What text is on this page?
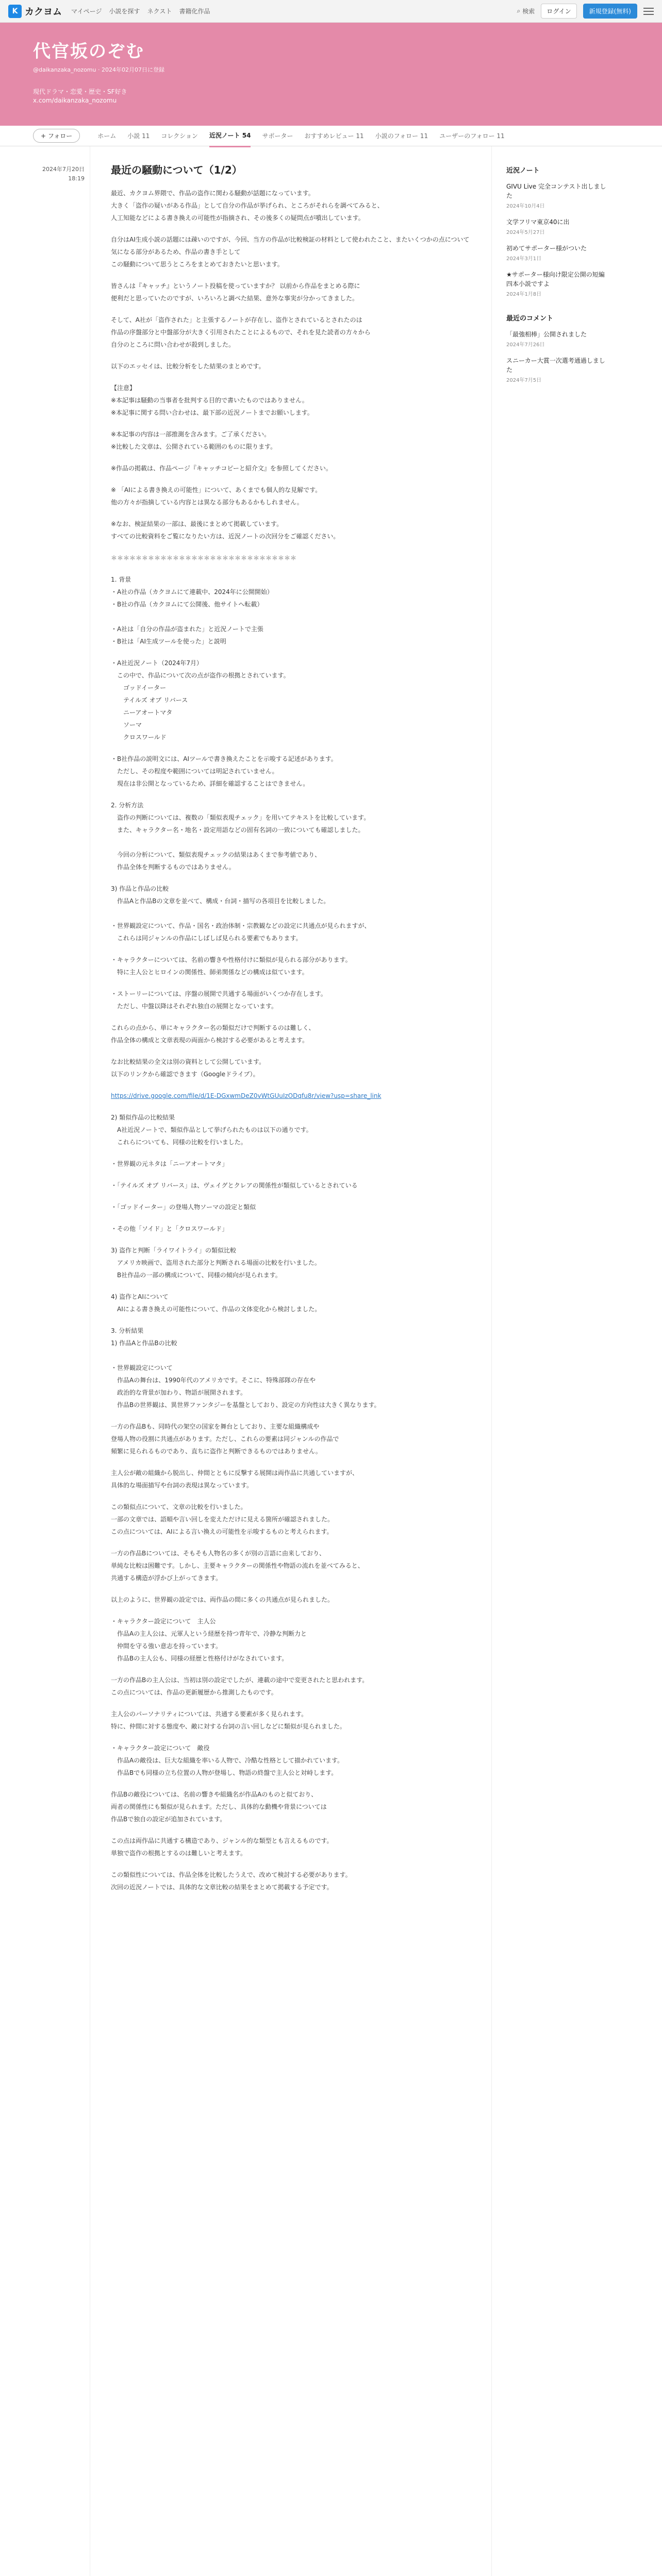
K カクヨム マイページ 小説を探す ネクスト 書籍化作品	⌕ 検索	ログイン	新規登録(無料)
代官坂のぞむ
@daikanzaka_nozomu · 2024年02月07日に登録
現代ドラマ・恋愛・歴史・SF好き
x.com/daikanzaka_nozomu
+ フォロー	ホーム 小説 11 コレクション 近況ノート 54 サポーター おすすめレビュー 11 小説のフォロー 11 ユーザーのフォロー 11
2024年7月20日
18:19
最近の騒動について（1/2）

最近、カクヨム界隈で、作品の盗作に関わる騒動が話題になっています。
大きく「盗作の疑いがある作品」として自分の作品が挙げられ、ところがそれらを調べてみると、
人工知能などによる書き換えの可能性が指摘され、その後多くの疑問点が噴出しています。

自分はAI生成小説の話題には疎いのですが、今回、当方の作品が比較検証の材料として使われたこと、またいくつかの点について気になる部分があるため、作品の書き手として
この騒動について思うところをまとめておきたいと思います。

皆さんは『キャッチ』というノート投稿を使っていますか？ 以前から作品をまとめる際に
便利だと思っていたのですが、いろいろと調べた結果、意外な事実が分かってきました。

そして、A社が「盗作された」と主張するノートが存在し、盗作とされているとされたのは
作品の序盤部分と中盤部分が大きく引用されたことによるもので、それを見た読者の方々から
自分のところに問い合わせが殺到しました。

以下のエッセイは、比較分析をした結果のまとめです。

【注意】
※本記事は騒動の当事者を批判する目的で書いたものではありません。
※本記事に関する問い合わせは、最下部の近況ノートまでお願いします。

※本記事の内容は一部推測を含みます。ご了承ください。
※比較した文章は、公開されている範囲のものに限ります。

※作品の掲載は、作品ページ『キャッチコピーと紹介文』を参照してください。

※ 「AIによる書き換えの可能性」について、あくまでも個人的な見解です。
他の方々が指摘している内容とは異なる部分もあるかもしれません。

※なお、検証結果の一部は、最後にまとめて掲載しています。
すべての比較資料をご覧になりたい方は、近況ノートの次回分をご確認ください。

＊＊＊＊＊＊＊＊＊＊＊＊＊＊＊＊＊＊＊＊＊＊＊＊＊＊＊＊＊＊

1. 背景
・A社の作品（カクヨムにて連載中、2024年に公開開始）
・B社の作品（カクヨムにて公開後、他サイトへ転載）

・A社は「自分の作品が盗まれた」と近況ノートで主張
・B社は「AI生成ツールを使った」と説明

・A社近況ノート（2024年7月）
　この中で、作品について次の点が盗作の根拠とされています。
　　ゴッドイーター
　　テイルズ オブ リバース
　　ニーアオートマタ
　　ソーマ
　　クロスワールド

・B社作品の説明文には、AIツールで書き換えたことを示唆する記述があります。
　ただし、その程度や範囲については明記されていません。
　現在は非公開となっているため、詳細を確認することはできません。

2. 分析方法
　盗作の判断については、複数の「類似表現チェック」を用いてテキストを比較しています。
　また、キャラクター名・地名・設定用語などの固有名詞の一致についても確認しました。

　今回の分析について、類似表現チェックの結果はあくまで参考値であり、
　作品全体を判断するものではありません。

3) 作品と作品の比較
　作品Aと作品Bの文章を並べて、構成・台詞・描写の各項目を比較しました。

・世界観設定について、作品・国名・政治体制・宗教観などの設定に共通点が見られますが、
　これらは同ジャンルの作品にしばしば見られる要素でもあります。

・キャラクターについては、名前の響きや性格付けに類似が見られる部分があります。
　特に主人公とヒロインの関係性、師弟関係などの構成は似ています。

・ストーリーについては、序盤の展開で共通する場面がいくつか存在します。
　ただし、中盤以降はそれぞれ独自の展開となっています。

これらの点から、単にキャラクター名の類似だけで判断するのは難しく、
作品全体の構成と文章表現の両面から検討する必要があると考えます。

なお比較結果の全文は別の資料として公開しています。
以下のリンクから確認できます（Googleドライブ）。

https://drive.google.com/file/d/1E-DGxwmDeZ0vWtGUuIzODqfu8r/view?usp=share_link

2) 類似作品の比較結果
　A社近況ノートで、類似作品として挙げられたものは以下の通りです。
　これらについても、同様の比較を行いました。

・世界観の元ネタは「ニーアオートマタ」

・「テイルズ オブ リバース」は、ヴェイグとクレアの関係性が類似しているとされている

・「ゴッドイーター」の登場人物ソーマの設定と類似

・その他「ソイド」と「クロスワールド」

3) 盗作と判断「ライワイトライ」の類似比較
　アメリカ映画で、盗用された部分と判断される場面の比較を行いました。
　B社作品の一部の構成について、同様の傾向が見られます。

4) 盗作とAIについて
　AIによる書き換えの可能性について、作品の文体変化から検討しました。

3. 分析結果
1) 作品Aと作品Bの比較

・世界観設定について
　作品Aの舞台は、1990年代のアメリカです。そこに、特殊部隊の存在や
　政治的な背景が加わり、物語が展開されます。
　作品Bの世界観は、異世界ファンタジーを基盤としており、設定の方向性は大きく異なります。

一方の作品Bも、同時代の架空の国家を舞台としており、主要な組織構成や
登場人物の役割に共通点があります。ただし、これらの要素は同ジャンルの作品で
頻繁に見られるものであり、直ちに盗作と判断できるものではありません。

主人公が敵の組織から脱出し、仲間とともに反撃する展開は両作品に共通していますが、
具体的な場面描写や台詞の表現は異なっています。

この類似点について、文章の比較を行いました。
一部の文章では、語順や言い回しを変えただけに見える箇所が確認されました。
この点については、AIによる言い換えの可能性を示唆するものと考えられます。

一方の作品Bについては、そもそも人物名の多くが別の言語に由来しており、
単純な比較は困難です。しかし、主要キャラクターの関係性や物語の流れを並べてみると、
共通する構造が浮かび上がってきます。

以上のように、世界観の設定では、両作品の間に多くの共通点が見られました。

・キャラクター設定について　主人公
　作品Aの主人公は、元軍人という経歴を持つ青年で、冷静な判断力と
　仲間を守る強い意志を持っています。
　作品Bの主人公も、同様の経歴と性格付けがなされています。

一方の作品Bの主人公は、当初は別の設定でしたが、連載の途中で変更されたと思われます。
この点については、作品の更新履歴から推測したものです。

主人公のパーソナリティについては、共通する要素が多く見られます。
特に、仲間に対する態度や、敵に対する台詞の言い回しなどに類似が見られました。

・キャラクター設定について　敵役
　作品Aの敵役は、巨大な組織を率いる人物で、冷酷な性格として描かれています。
　作品Bでも同様の立ち位置の人物が登場し、物語の終盤で主人公と対峙します。

作品Bの敵役については、名前の響きや組織名が作品Aのものと似ており、
両者の関係性にも類似が見られます。ただし、具体的な動機や背景については
作品Bで独自の設定が追加されています。

この点は両作品に共通する構造であり、ジャンル的な類型とも言えるものです。
単独で盗作の根拠とするのは難しいと考えます。

この類似性については、作品全体を比較したうえで、改めて検討する必要があります。
次回の近況ノートでは、具体的な文章比較の結果をまとめて掲載する予定です。

近況ノート
GIVU Live 完全コンテスト出しました
2024年10月4日
文学フリマ東京40に出
2024年5月27日
初めてサポーター様がついた
2024年3月1日
★サポーター様向け限定公開の短編四本小説ですよ
2024年1月8日
最近のコメント
「最強相棒」公開されました
2024年7月26日
スニーカー大賞一次選考通過しました
2024年7月5日
